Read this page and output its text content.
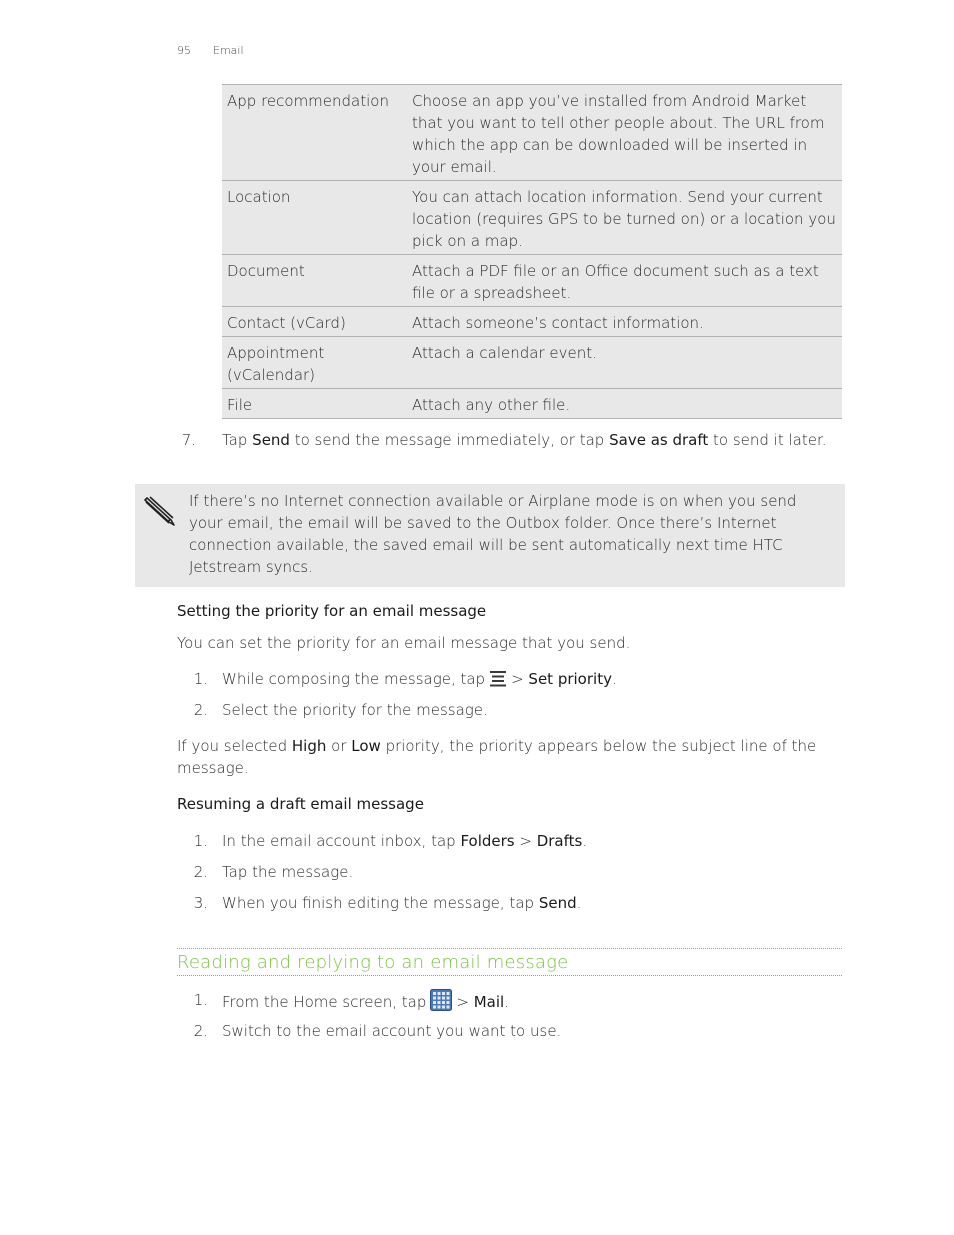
95 Email
App recommendation	Choose an app you’ve installed from Android Market that you want to tell other people about. The URL from which the app can be downloaded will be inserted in your email.
Location	You can attach location information. Send your current location (requires GPS to be turned on) or a location you pick on a map.
Document	Attach a PDF file or an Office document such as a text file or a spreadsheet.
Contact (vCard)	Attach someone’s contact information.
Appointment (vCalendar)	Attach a calendar event.
File	Attach any other file.
7. Tap Send to send the message immediately, or tap Save as draft to send it later.
If there’s no Internet connection available or Airplane mode is on when you send your email, the email will be saved to the Outbox folder. Once there’s Internet connection available, the saved email will be sent automatically next time HTC Jetstream syncs.
Setting the priority for an email message
You can set the priority for an email message that you send.
1. While composing the message, tap > Set priority.
2. Select the priority for the message.
If you selected High or Low priority, the priority appears below the subject line of the message.
Resuming a draft email message
1. In the email account inbox, tap Folders > Drafts.
2. Tap the message.
3. When you finish editing the message, tap Send.
Reading and replying to an email message
1. From the Home screen, tap > Mail.
2. Switch to the email account you want to use.
